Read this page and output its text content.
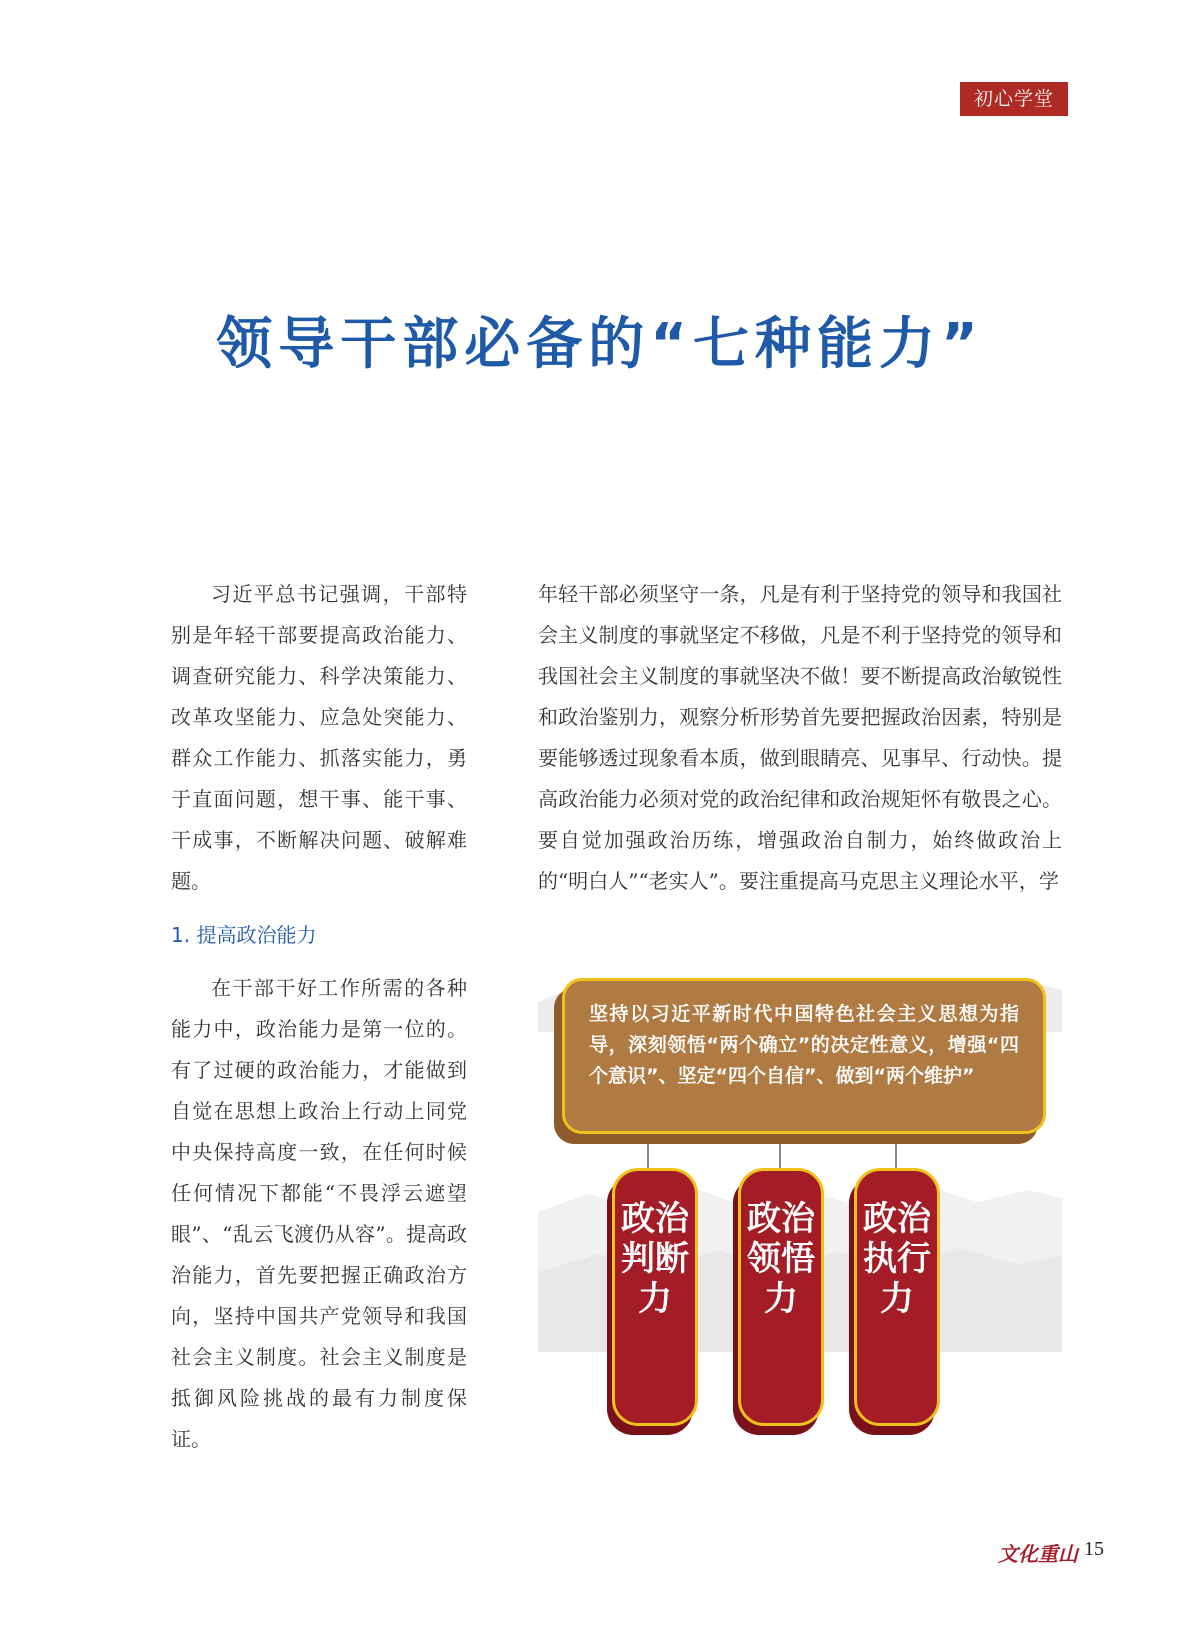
初心学堂
领导干部必备的“七种能力”

习近平总书记强调，干部特别是年轻干部要提高政治能力、调查研究能力、科学决策能力、改革攻坚能力、应急处突能力、群众工作能力、抓落实能力，勇于直面问题，想干事、能干事、干成事，不断解决问题、破解难题。

1. 提高政治能力

在干部干好工作所需的各种能力中，政治能力是第一位的。有了过硬的政治能力，才能做到自觉在思想上政治上行动上同党中央保持高度一致，在任何时候任何情况下都能“不畏浮云遮望眼”、“乱云飞渡仍从容”。提高政治能力，首先要把握正确政治方向，坚持中国共产党领导和我国社会主义制度。社会主义制度是抵御风险挑战的最有力制度保证。

年轻干部必须坚守一条，凡是有利于坚持党的领导和我国社会主义制度的事就坚定不移做，凡是不利于坚持党的领导和我国社会主义制度的事就坚决不做！要不断提高政治敏锐性和政治鉴别力，观察分析形势首先要把握政治因素，特别是要能够透过现象看本质，做到眼睛亮、见事早、行动快。提高政治能力必须对党的政治纪律和政治规矩怀有敬畏之心。要自觉加强政治历练，增强政治自制力，始终做政治上的“明白人”“老实人”。要注重提高马克思主义理论水平，学

坚持以习近平新时代中国特色社会主义思想为指导，深刻领悟“两个确立”的决定性意义，增强“四个意识”、坚定“四个自信”、做到“两个维护”
政治判断力
政治领悟力
政治执行力
文化重山 15
